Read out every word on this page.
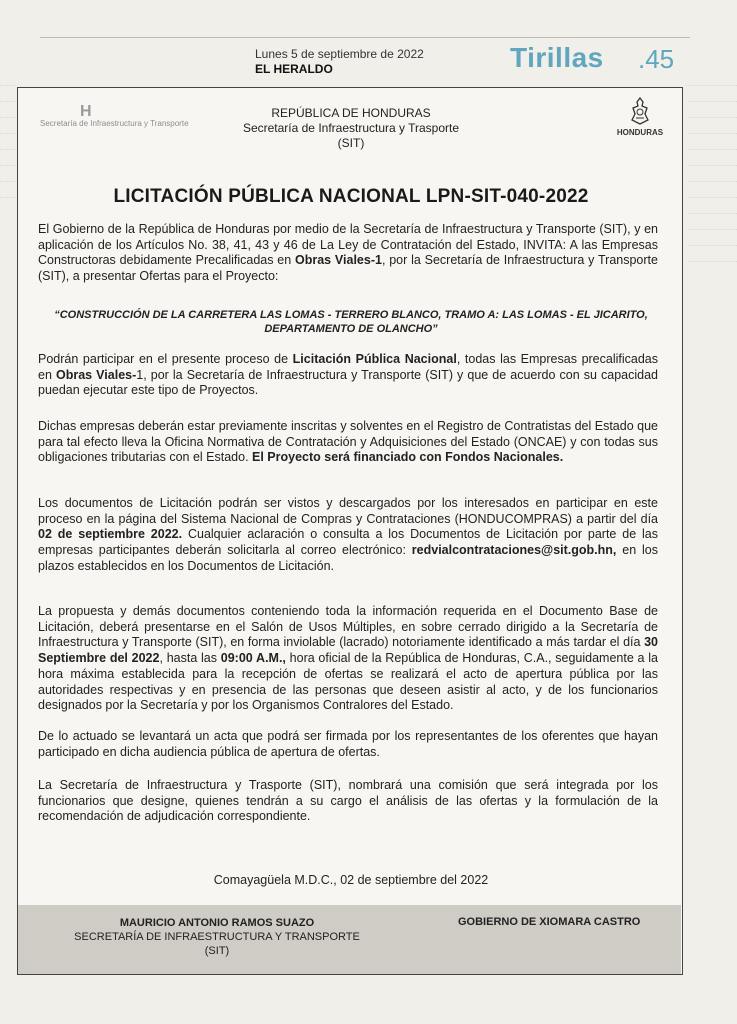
Lunes 5 de septiembre de 2022
EL HERALDO	Tirillas .45
H
Secretaría de Infraestructura y Transporte
HONDURAS
REPÚBLICA DE HONDURAS
Secretaría de Infraestructura y Trasporte
(SIT)
LICITACIÓN PÚBLICA NACIONAL LPN-SIT-040-2022

El Gobierno de la República de Honduras por medio de la Secretaría de Infraestructura y Transporte (SIT), y en aplicación de los Artículos No. 38, 41, 43 y 46 de La Ley de Contratación del Estado, INVITA: A las Empresas Constructoras debidamente Precalificadas en Obras Viales-1, por la Secretaría de Infraestructura y Transporte (SIT), a presentar Ofertas para el Proyecto:

“CONSTRUCCIÓN DE LA CARRETERA LAS LOMAS - TERRERO BLANCO, TRAMO A: LAS LOMAS - EL JICARITO,
DEPARTAMENTO DE OLANCHO”

Podrán participar en el presente proceso de Licitación Pública Nacional, todas las Empresas precalificadas en Obras Viales-1, por la Secretaría de Infraestructura y Transporte (SIT) y que de acuerdo con su capacidad puedan ejecutar este tipo de Proyectos.

Dichas empresas deberán estar previamente inscritas y solventes en el Registro de Contratistas del Estado que para tal efecto lleva la Oficina Normativa de Contratación y Adquisiciones del Estado (ONCAE) y con todas sus obligaciones tributarias con el Estado. El Proyecto será financiado con Fondos Nacionales.

Los documentos de Licitación podrán ser vistos y descargados por los interesados en participar en este proceso en la página del Sistema Nacional de Compras y Contrataciones (HONDUCOMPRAS) a partir del día 02 de septiembre 2022. Cualquier aclaración o consulta a los Documentos de Licitación por parte de las empresas participantes deberán solicitarla al correo electrónico: redvialcontrataciones@sit.gob.hn, en los plazos establecidos en los Documentos de Licitación.

La propuesta y demás documentos conteniendo toda la información requerida en el Documento Base de Licitación, deberá presentarse en el Salón de Usos Múltiples, en sobre cerrado dirigido a la Secretaría de Infraestructura y Transporte (SIT), en forma inviolable (lacrado) notoriamente identificado a más tardar el día 30 Septiembre del 2022, hasta las 09:00 A.M., hora oficial de la República de Honduras, C.A., seguidamente a la hora máxima establecida para la recepción de ofertas se realizará el acto de apertura pública por las autoridades respectivas y en presencia de las personas que deseen asistir al acto, y de los funcionarios designados por la Secretaría y por los Organismos Contralores del Estado.

De lo actuado se levantará un acta que podrá ser firmada por los representantes de los oferentes que hayan participado en dicha audiencia pública de apertura de ofertas.

La Secretaría de Infraestructura y Trasporte (SIT), nombrará una comisión que será integrada por los funcionarios que designe, quienes tendrán a su cargo el análisis de las ofertas y la formulación de la recomendación de adjudicación correspondiente.

Comayagüela M.D.C., 02 de septiembre del 2022
MAURICIO ANTONIO RAMOS SUAZO
SECRETARÍA DE INFRAESTRUCTURA Y TRANSPORTE
(SIT)
GOBIERNO DE XIOMARA CASTRO
